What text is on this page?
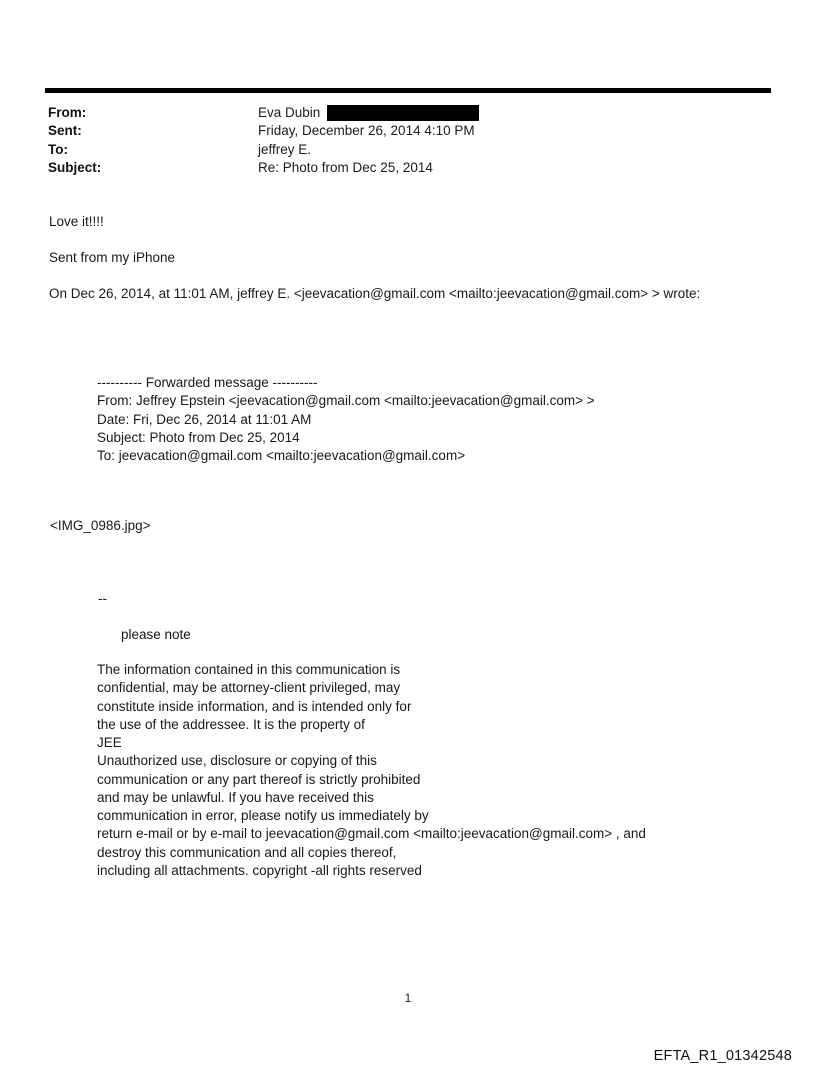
From:	Eva Dubin
Sent:	Friday, December 26, 2014 4:10 PM
To:	jeffrey E.
Subject:	Re: Photo from Dec 25, 2014
Love it!!!!
Sent from my iPhone
On Dec 26, 2014, at 11:01 AM, jeffrey E. <jeevacation@gmail.com <mailto:jeevacation@gmail.com> > wrote:
---------- Forwarded message ----------
From: Jeffrey Epstein <jeevacation@gmail.com <mailto:jeevacation@gmail.com> >
Date: Fri, Dec 26, 2014 at 11:01 AM
Subject: Photo from Dec 25, 2014
To: jeevacation@gmail.com <mailto:jeevacation@gmail.com>
<IMG_0986.jpg>
--
please note
The information contained in this communication is
confidential, may be attorney-client privileged, may
constitute inside information, and is intended only for
the use of the addressee. It is the property of
JEE
Unauthorized use, disclosure or copying of this
communication or any part thereof is strictly prohibited
and may be unlawful. If you have received this
communication in error, please notify us immediately by
return e-mail or by e-mail to jeevacation@gmail.com <mailto:jeevacation@gmail.com> , and
destroy this communication and all copies thereof,
including all attachments. copyright -all rights reserved
1
EFTA_R1_01342548
